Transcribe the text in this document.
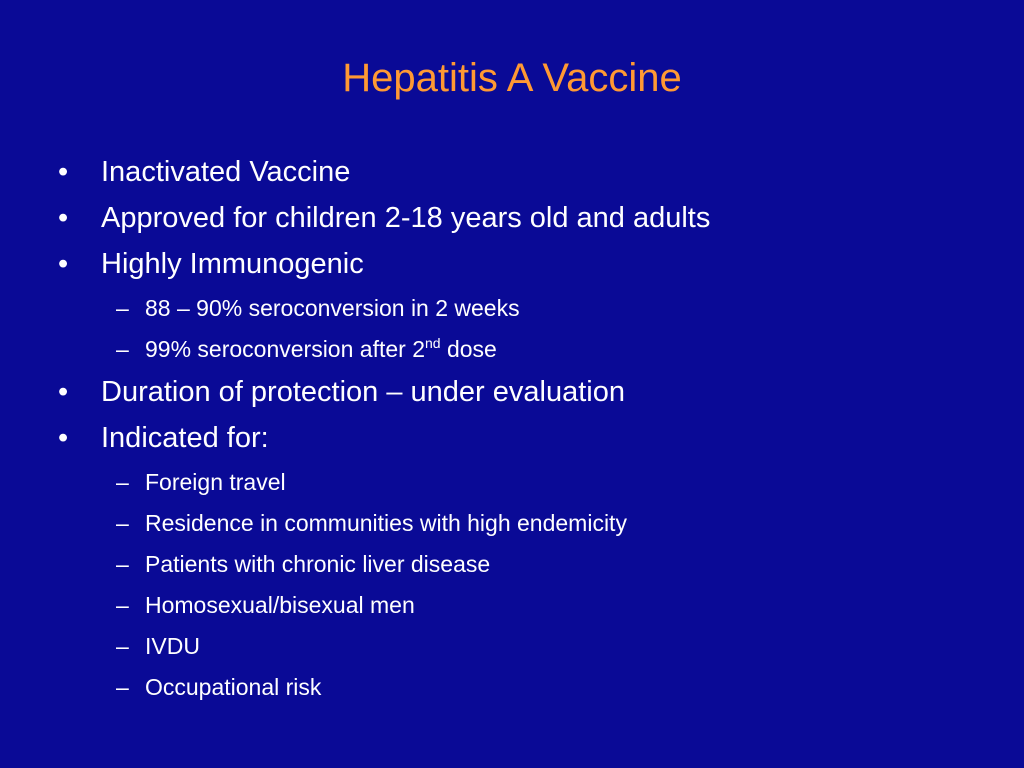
Hepatitis A Vaccine
• Inactivated Vaccine
• Approved for children 2-18 years old and adults
• Highly Immunogenic
– 88 – 90% seroconversion in 2 weeks
– 99% seroconversion after 2nd dose
• Duration of protection – under evaluation
• Indicated for:
– Foreign travel
– Residence in communities with high endemicity
– Patients with chronic liver disease
– Homosexual/bisexual men
– IVDU
– Occupational risk
